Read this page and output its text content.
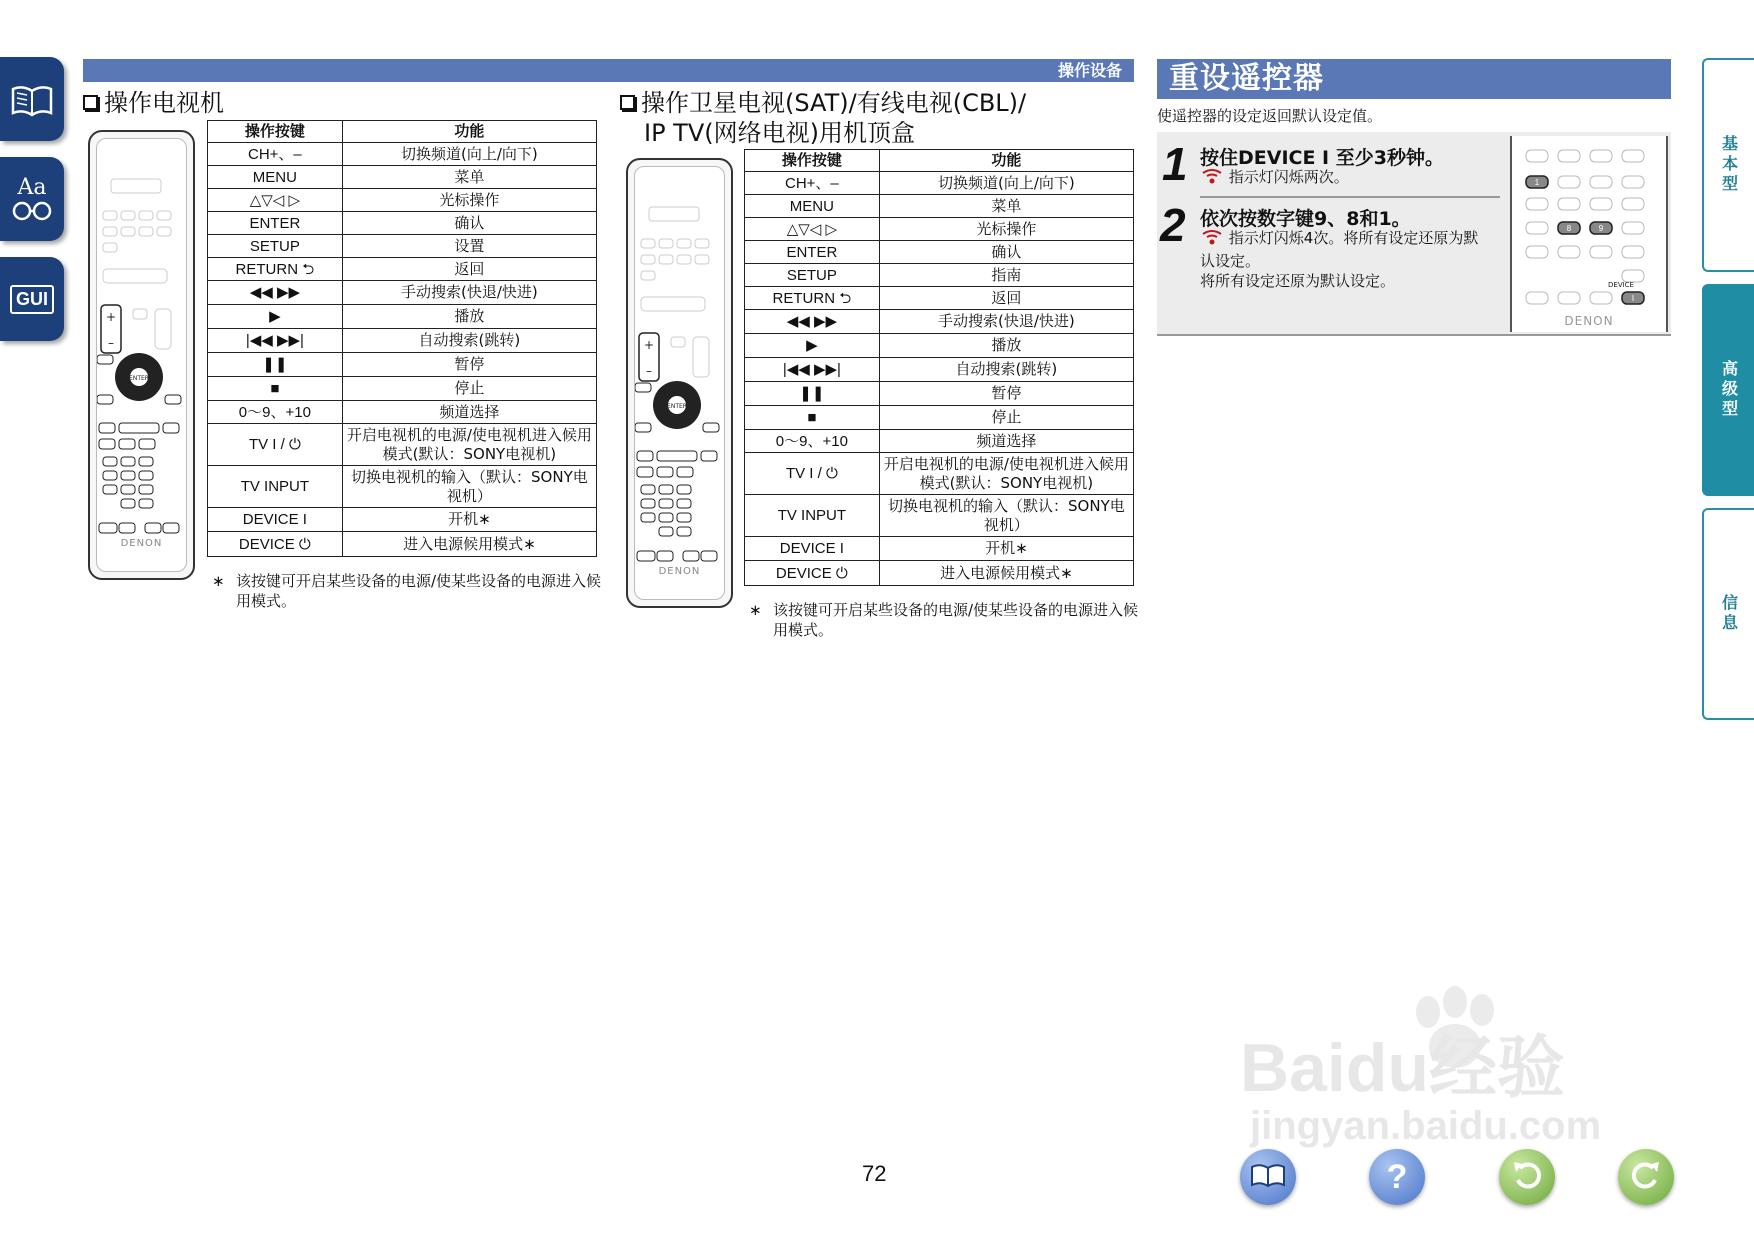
Aa
GUI
基本型
高级型
信息
操作设备
操作电视机
+
–
ENTER
DENON
操作按键	功能
CH+、–	切换频道(向上/向下)
MENU	菜单
△▽◁ ▷	光标操作
ENTER	确认
SETUP	设置
RETURN ⮌	返回
◀◀ ▶▶	手动搜索(快退/快进)
▶	播放
|◀◀ ▶▶|	自动搜索(跳转)
❚❚	暂停
■	停止
0〜9、+10	频道选择
TV I / ⏻	开启电视机的电源/使电视机进入候用模式(默认：SONY电视机)
TV INPUT	切换电视机的输入（默认：SONY电视机）
DEVICE I	开机∗
DEVICE ⏻	进入电源候用模式∗
∗ 该按键可开启某些设备的电源/使某些设备的电源进入候用模式。
操作卫星电视(SAT)/有线电视(CBL)/
IP TV(网络电视)用机顶盒
+
–
ENTER
DENON
操作按键	功能
CH+、–	切换频道(向上/向下)
MENU	菜单
△▽◁ ▷	光标操作
ENTER	确认
SETUP	指南
RETURN ⮌	返回
◀◀ ▶▶	手动搜索(快退/快进)
▶	播放
|◀◀ ▶▶|	自动搜索(跳转)
❚❚	暂停
■	停止
0〜9、+10	频道选择
TV I / ⏻	开启电视机的电源/使电视机进入候用模式(默认：SONY电视机)
TV INPUT	切换电视机的输入（默认：SONY电视机）
DEVICE I	开机∗
DEVICE ⏻	进入电源候用模式∗
∗ 该按键可开启某些设备的电源/使某些设备的电源进入候用模式。
重设遥控器
使遥控器的设定返回默认设定值。
1 按住DEVICE I 至少3秒钟。
指示灯闪烁两次。
2 依次按数字键9、8和1。
指示灯闪烁4次。将所有设定还原为默认设定。
将所有设定还原为默认设定。
1
8	9
I
DEVICE
DENON
72
Baidu经验
jingyan.baidu.com
?
